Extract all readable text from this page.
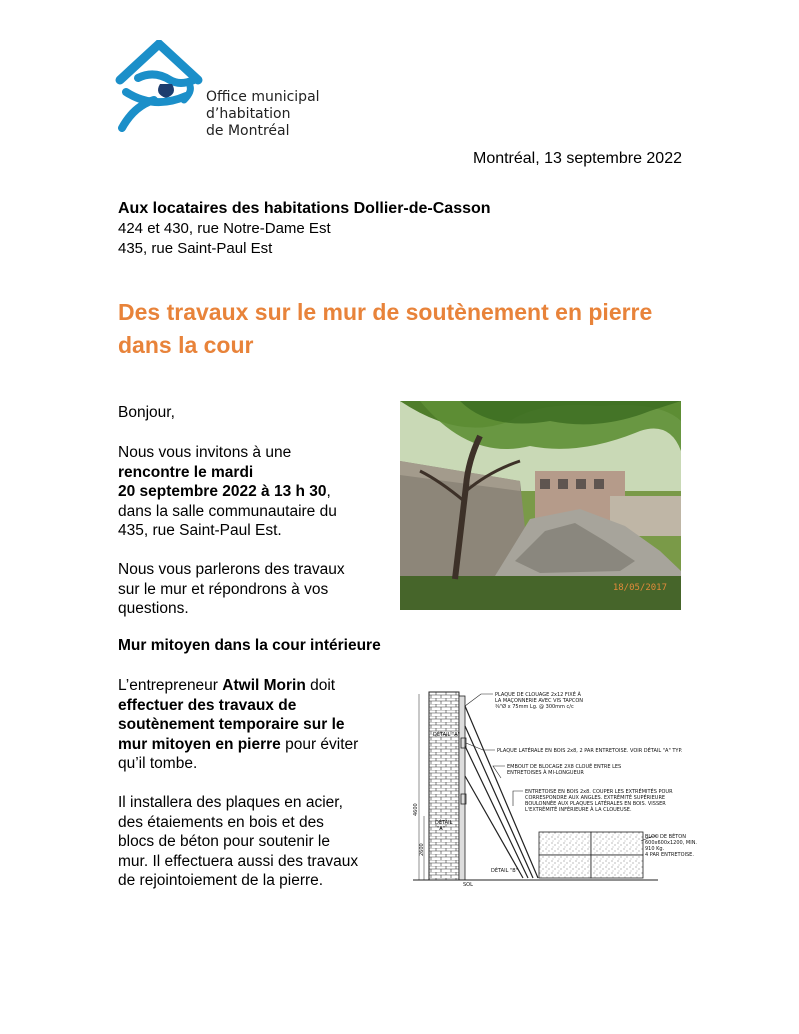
Office municipal
d’habitation
de Montréal
Montréal, 13 septembre 2022
Aux locataires des habitations Dollier-de-Casson
424 et 430, rue Notre-Dame Est
435, rue Saint-Paul Est
Des travaux sur le mur de soutènement en pierre dans la cour
Bonjour,
Nous vous invitons à une
rencontre le mardi
20 septembre 2022 à 13 h 30,
dans la salle communautaire du
435, rue Saint-Paul Est.
Nous vous parlerons des travaux
sur le mur et répondrons à vos
questions.
Mur mitoyen dans la cour intérieure
L’entrepreneur Atwil Morin doit
effectuer des travaux de
soutènement temporaire sur le
mur mitoyen en pierre pour éviter
qu’il tombe.
Il installera des plaques en acier,
des étaiements en bois et des
blocs de béton pour soutenir le
mur. Il effectuera aussi des travaux
de rejointoiement de la pierre.
18/05/2017
PLAQUE DE CLOUAGE 2x12 FIXÉ À
LA MAÇONNERIE AVEC VIS TAPCON
⅜"Ø x 75mm Lg. @ 300mm c/c
DÉTAIL "A"
PLAQUE LATÉRALE EN BOIS 2x8, 2 PAR ENTRETOISE. VOIR DÉTAIL "A" TYP.
EMBOUT DE BLOCAGE 2X8 CLOUÉ ENTRE LES
ENTRETOISES À MI-LONGUEUR
ENTRETOISE EN BOIS 2x8. COUPER LES EXTRÉMITÉS POUR
CORRESPONDRE AUX ANGLES. EXTRÉMITÉ SUPÉRIEURE
BOULONNÉE AUX PLAQUES LATÉRALES EN BOIS. VISSER
L'EXTRÉMITÉ INFÉRIEURE À LA CLOUEUSE.
DÉTAIL
"A"
BLOC DE BÉTON
600x600x1200, MIN.
910 Kg.
4 PAR ENTRETOISE.
DÉTAIL "B"
SOL
4600
2600
